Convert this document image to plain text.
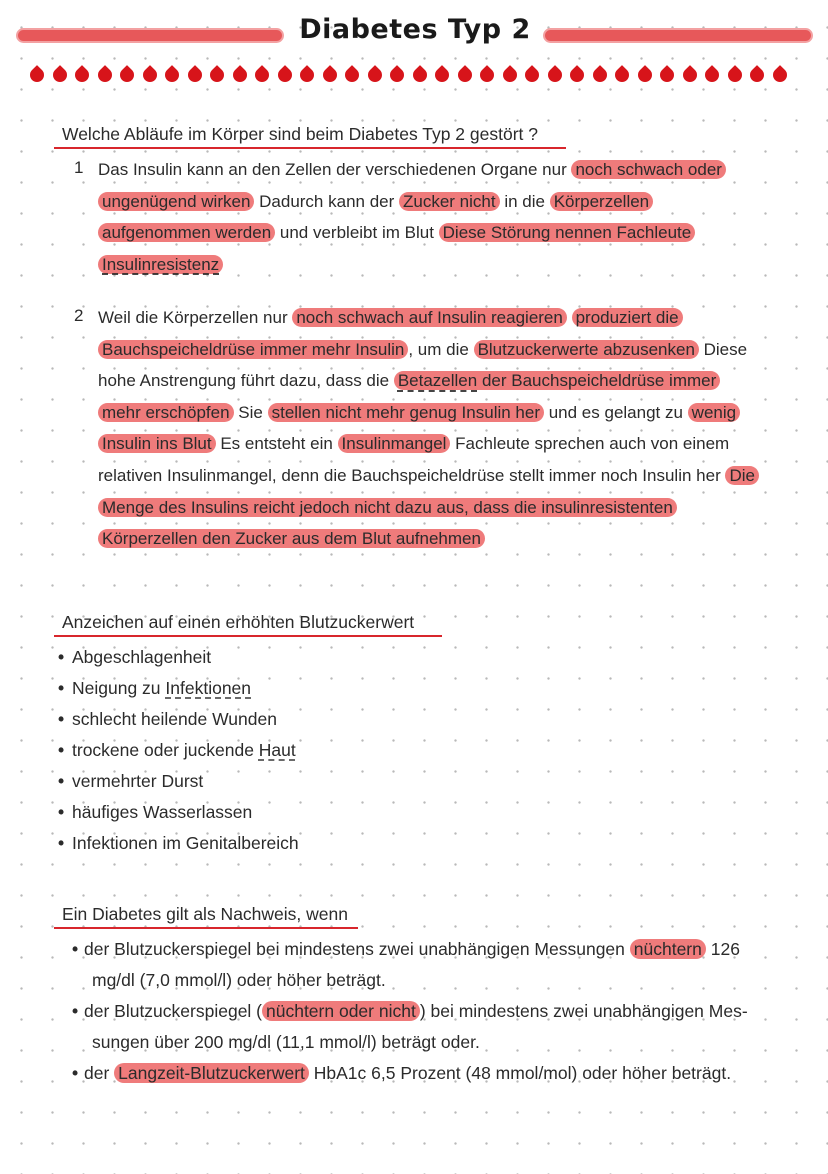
Diabetes Typ 2
Welche Abläufe im Körper sind beim Diabetes Typ 2 gestört ?
1 Das Insulin kann an den Zellen der verschiedenen Organe nur noch schwach oder ungenügend wirken Dadurch kann der Zucker nicht in die Körperzellen aufgenommen werden und verbleibt im Blut Diese Störung nennen Fachleute
Insulinresistenz
2 Weil die Körperzellen nur noch schwach auf Insulin reagieren produziert die Bauchspeicheldrüse immer mehr Insulin , um die Blutzuckerwerte abzusenken Diese hohe Anstrengung führt dazu, dass die Betazellen der Bauchspeicheldrüse immer mehr erschöpfen Sie stellen nicht mehr genug Insulin her und es gelangt zu wenig Insulin ins Blut Es entsteht ein Insulinmangel Fachleute sprechen auch von einem relativen Insulinmangel, denn die Bauchspeicheldrüse stellt immer noch Insulin her Die Menge des Insulins reicht jedoch nicht dazu aus, dass die insulinresistenten Körperzellen den Zucker aus dem Blut aufnehmen
Anzeichen auf einen erhöhten Blutzuckerwert
• Abgeschlagenheit
• Neigung zu Infektionen
• schlecht heilende Wunden
• trockene oder juckende Haut
• vermehrter Durst
• häufiges Wasserlassen
• Infektionen im Genitalbereich
Ein Diabetes gilt als Nachweis, wenn
• der Blutzuckerspiegel bei mindestens zwei unabhängigen Messungen nüchtern 126 mg/dl (7,0 mmol/l) oder höher beträgt.
• der Blutzuckerspiegel ( nüchtern oder nicht ) bei mindestens zwei unabhängigen Mes-sungen über 200 mg/dl (11,1 mmol/l) beträgt oder.
• der Langzeit-Blutzuckerwert HbA1c 6,5 Prozent (48 mmol/mol) oder höher beträgt.
